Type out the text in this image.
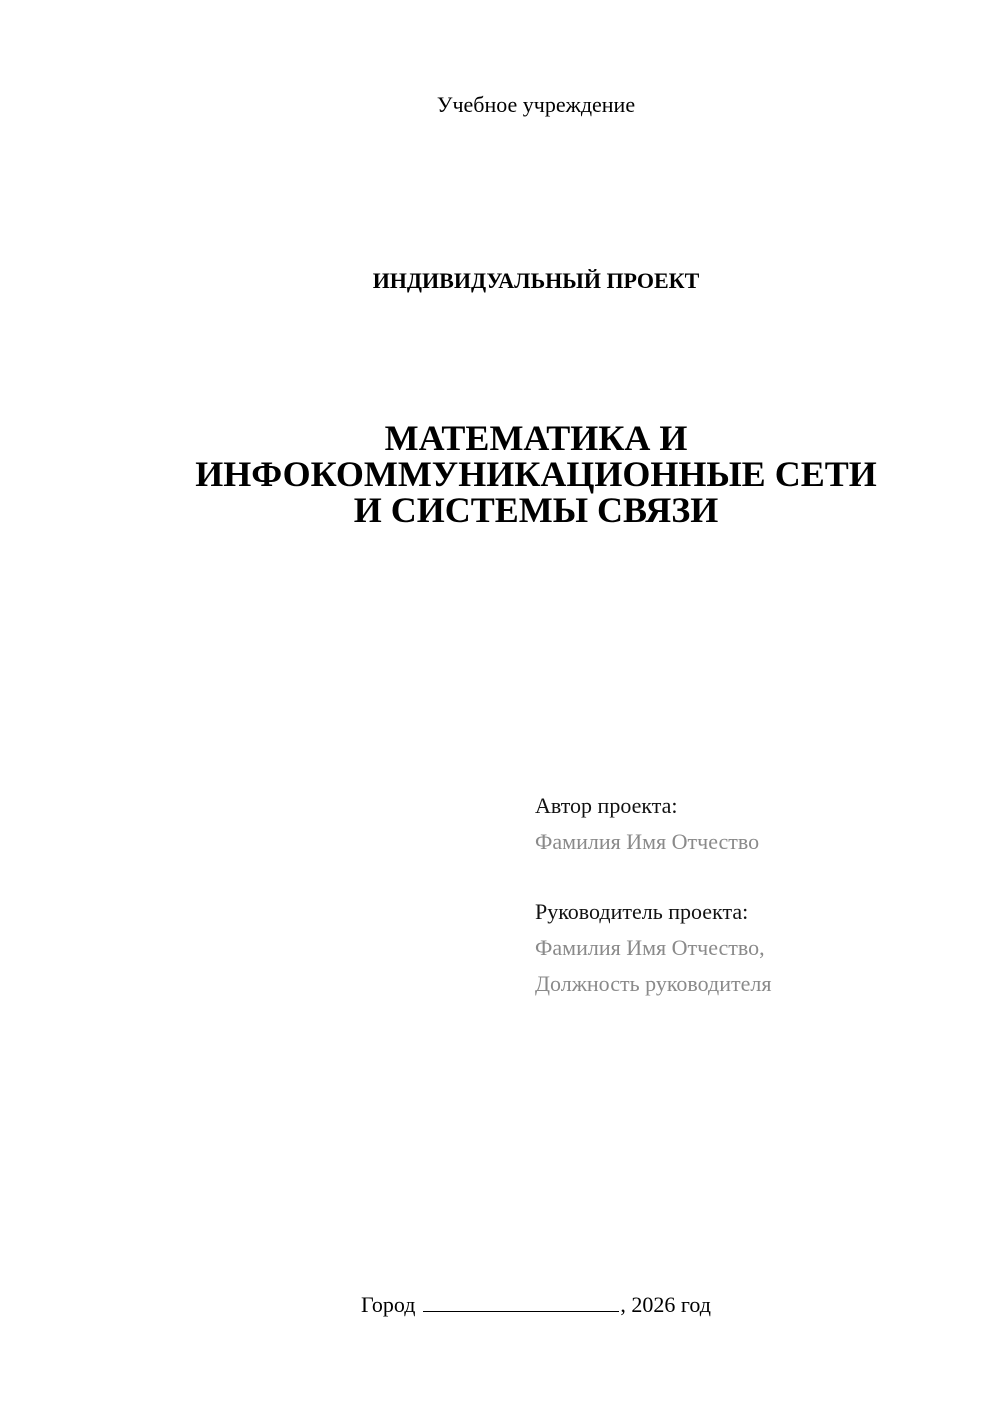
Учебное учреждение
ИНДИВИДУАЛЬНЫЙ ПРОЕКТ
МАТЕМАТИКА И
ИНФОКОММУНИКАЦИОННЫЕ СЕТИ
И СИСТЕМЫ СВЯЗИ
Автор проекта:
Фамилия Имя Отчество
Руководитель проекта:
Фамилия Имя Отчество,
Должность руководителя
Город	, 2026 год
